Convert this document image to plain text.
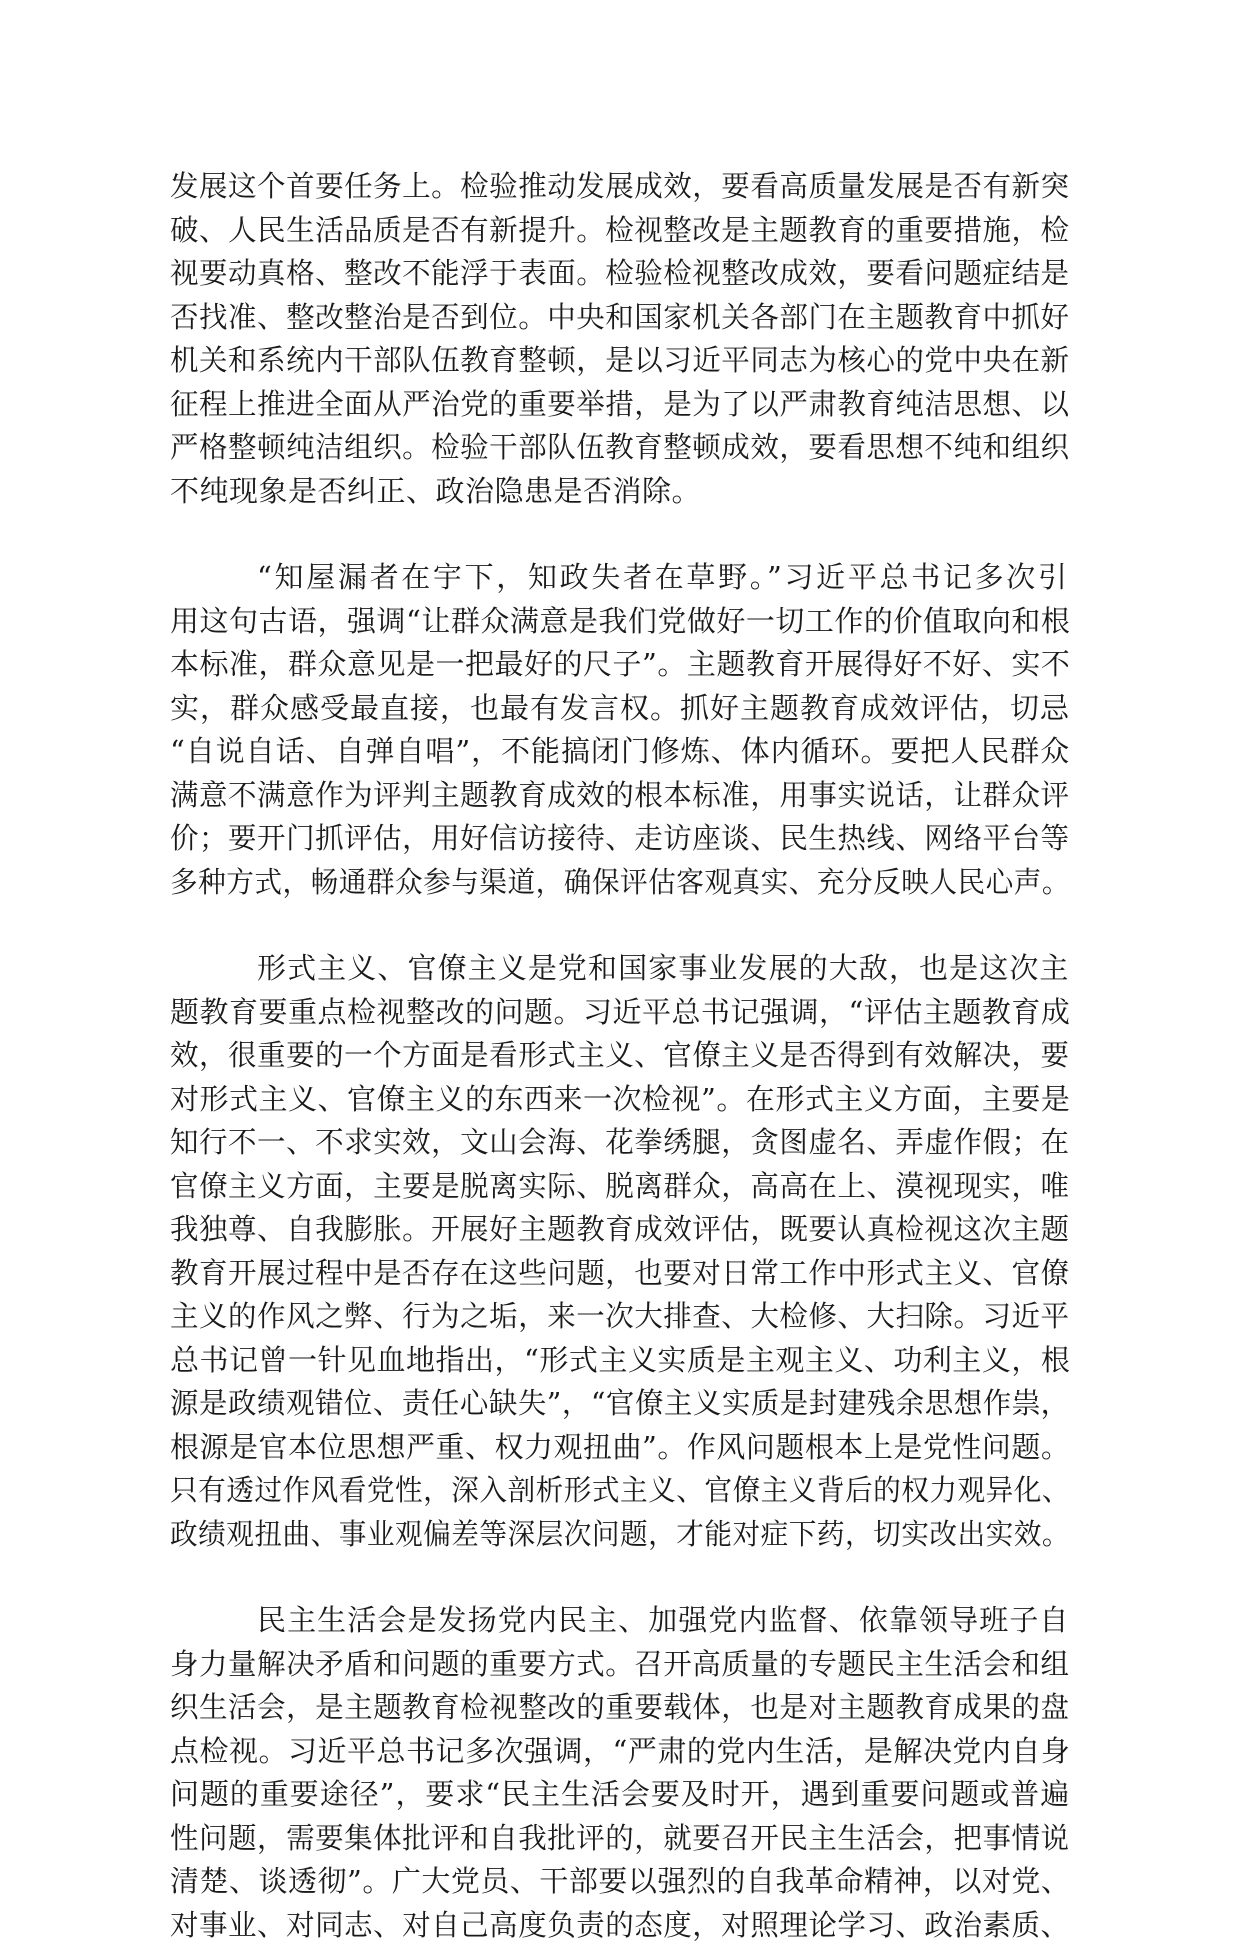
发展这个首要任务上。检验推动发展成效，要看高质量发展是否有新突
破、人民生活品质是否有新提升。检视整改是主题教育的重要措施，检
视要动真格、整改不能浮于表面。检验检视整改成效，要看问题症结是
否找准、整改整治是否到位。中央和国家机关各部门在主题教育中抓好
机关和系统内干部队伍教育整顿，是以习近平同志为核心的党中央在新
征程上推进全面从严治党的重要举措，是为了以严肃教育纯洁思想、以
严格整顿纯洁组织。检验干部队伍教育整顿成效，要看思想不纯和组织
不纯现象是否纠正、政治隐患是否消除。

“知屋漏者在宇下，知政失者在草野。”习近平总书记多次引
用这句古语，强调“让群众满意是我们党做好一切工作的价值取向和根
本标准，群众意见是一把最好的尺子”。主题教育开展得好不好、实不
实，群众感受最直接，也最有发言权。抓好主题教育成效评估，切忌
“自说自话、自弹自唱”，不能搞闭门修炼、体内循环。要把人民群众
满意不满意作为评判主题教育成效的根本标准，用事实说话，让群众评
价；要开门抓评估，用好信访接待、走访座谈、民生热线、网络平台等
多种方式，畅通群众参与渠道，确保评估客观真实、充分反映人民心声。

形式主义、官僚主义是党和国家事业发展的大敌，也是这次主
题教育要重点检视整改的问题。习近平总书记强调，“评估主题教育成
效，很重要的一个方面是看形式主义、官僚主义是否得到有效解决，要
对形式主义、官僚主义的东西来一次检视”。在形式主义方面，主要是
知行不一、不求实效，文山会海、花拳绣腿，贪图虚名、弄虚作假；在
官僚主义方面，主要是脱离实际、脱离群众，高高在上、漠视现实，唯
我独尊、自我膨胀。开展好主题教育成效评估，既要认真检视这次主题
教育开展过程中是否存在这些问题，也要对日常工作中形式主义、官僚
主义的作风之弊、行为之垢，来一次大排查、大检修、大扫除。习近平
总书记曾一针见血地指出，“形式主义实质是主观主义、功利主义，根
源是政绩观错位、责任心缺失”，“官僚主义实质是封建残余思想作祟，
根源是官本位思想严重、权力观扭曲”。作风问题根本上是党性问题。
只有透过作风看党性，深入剖析形式主义、官僚主义背后的权力观异化、
政绩观扭曲、事业观偏差等深层次问题，才能对症下药，切实改出实效。

民主生活会是发扬党内民主、加强党内监督、依靠领导班子自
身力量解决矛盾和问题的重要方式。召开高质量的专题民主生活会和组
织生活会，是主题教育检视整改的重要载体，也是对主题教育成果的盘
点检视。习近平总书记多次强调，“严肃的党内生活，是解决党内自身
问题的重要途径”，要求“民主生活会要及时开，遇到重要问题或普遍
性问题，需要集体批评和自我批评的，就要召开民主生活会，把事情说
清楚、谈透彻”。广大党员、干部要以强烈的自我革命精神，以对党、
对事业、对同志、对自己高度负责的态度，对照理论学习、政治素质、
